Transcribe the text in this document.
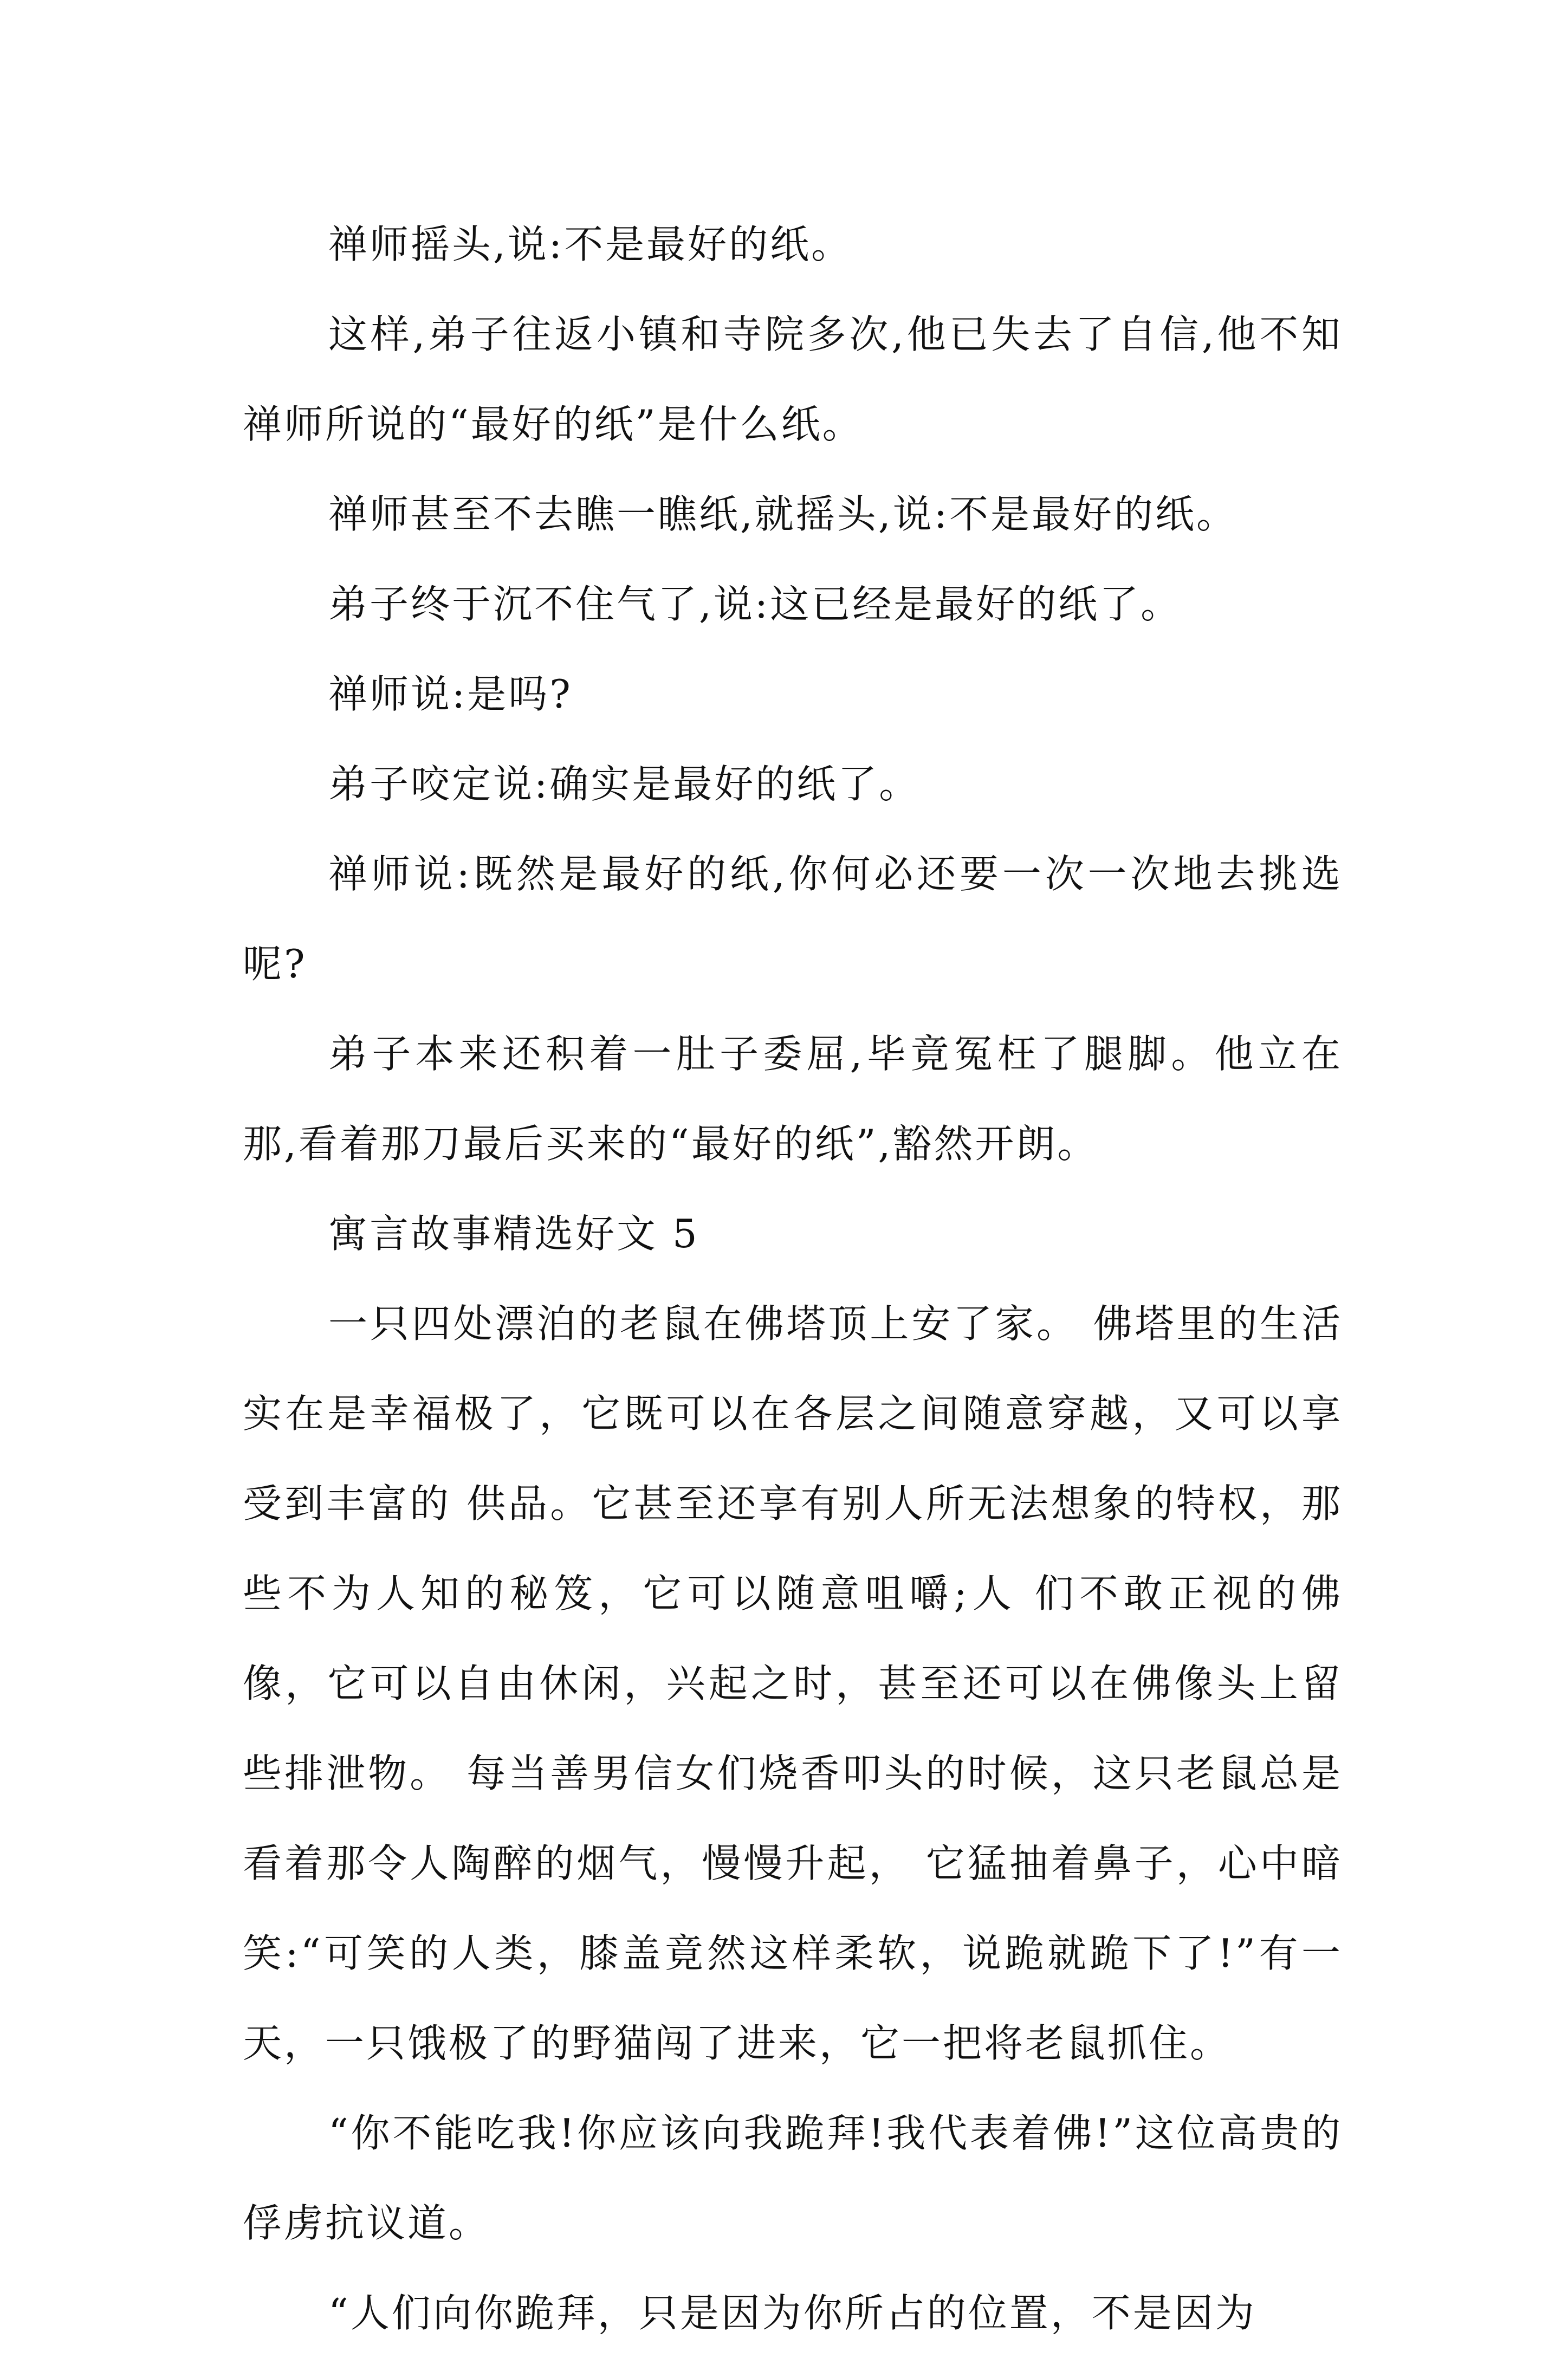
禅师摇头,说:不是最好的纸。

这样,弟子往返小镇和寺院多次,他已失去了自信,他不知禅师所说的“最好的纸”是什么纸。

禅师甚至不去瞧一瞧纸,就摇头,说:不是最好的纸。

弟子终于沉不住气了,说:这已经是最好的纸了。

禅师说:是吗?

弟子咬定说:确实是最好的纸了。

禅师说:既然是最好的纸,你何必还要一次一次地去挑选呢?

弟子本来还积着一肚子委屈,毕竟冤枉了腿脚。他立在那,看着那刀最后买来的“最好的纸”,豁然开朗。

寓言故事精选好文 5

一只四处漂泊的老鼠在佛塔顶上安了家。 佛塔里的生活实在是幸福极了，它既可以在各层之间随意穿越，又可以享受到丰富的 供品。它甚至还享有别人所无法想象的特权，那些不为人知的秘笈，它可以随意咀嚼;人 们不敢正视的佛像，它可以自由休闲，兴起之时，甚至还可以在佛像头上留些排泄物。 每当善男信女们烧香叩头的时候，这只老鼠总是看着那令人陶醉的烟气，慢慢升起， 它猛抽着鼻子，心中暗笑:“可笑的人类，膝盖竟然这样柔软，说跪就跪下了!”有一天，一只饿极了的野猫闯了进来，它一把将老鼠抓住。

“你不能吃我!你应该向我跪拜!我代表着佛!”这位高贵的俘虏抗议道。

“人们向你跪拜，只是因为你所占的位置，不是因为
